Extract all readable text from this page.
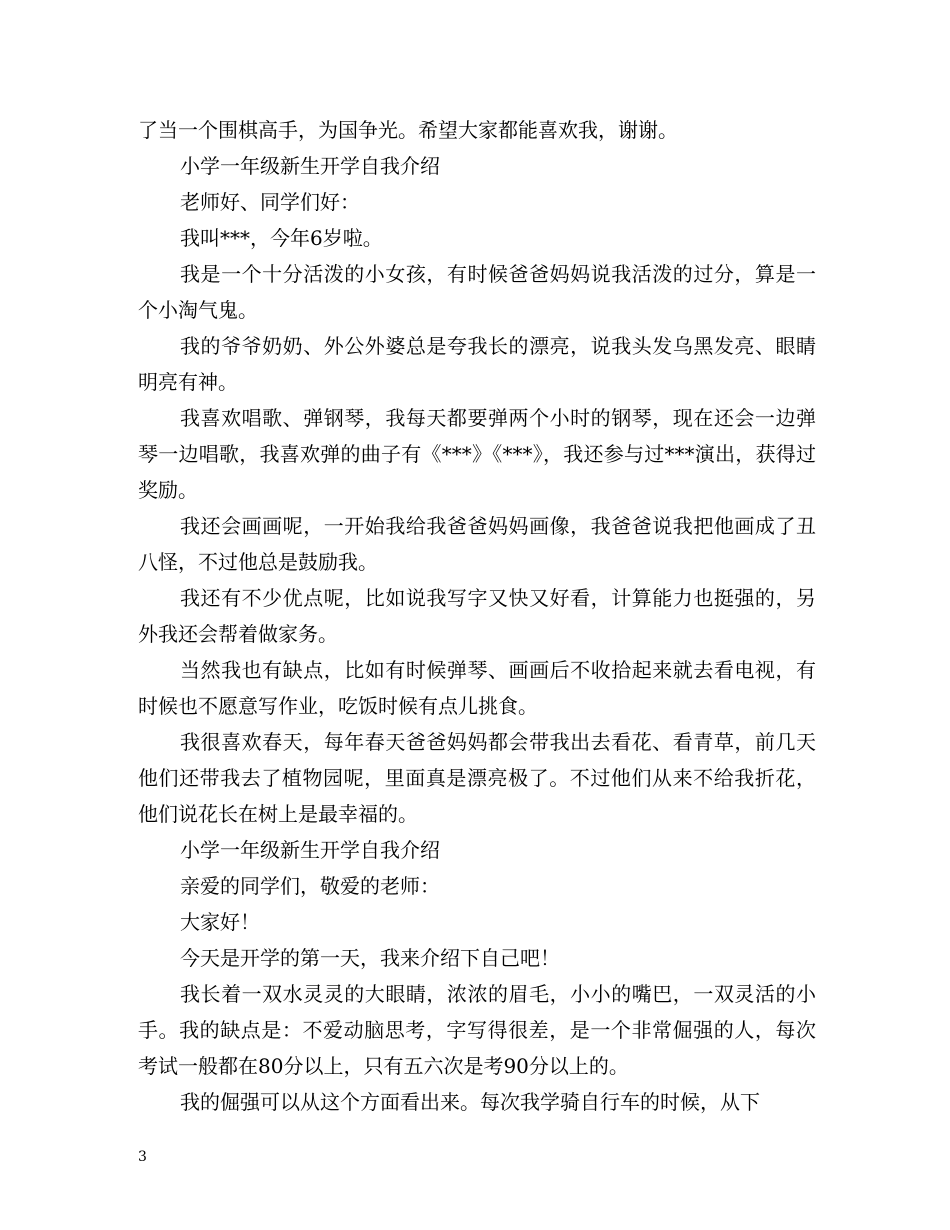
了当一个围棋高手，为国争光。希望大家都能喜欢我，谢谢。

小学一年级新生开学自我介绍

老师好、同学们好：

我叫***，今年6岁啦。

我是一个十分活泼的小女孩，有时候爸爸妈妈说我活泼的过分，算是一个小淘气鬼。

我的爷爷奶奶、外公外婆总是夸我长的漂亮，说我头发乌黑发亮、眼睛明亮有神。

我喜欢唱歌、弹钢琴，我每天都要弹两个小时的钢琴，现在还会一边弹琴一边唱歌，我喜欢弹的曲子有《***》《***》，我还参与过***演出，获得过奖励。

我还会画画呢，一开始我给我爸爸妈妈画像，我爸爸说我把他画成了丑八怪，不过他总是鼓励我。

我还有不少优点呢，比如说我写字又快又好看，计算能力也挺强的，另外我还会帮着做家务。

当然我也有缺点，比如有时候弹琴、画画后不收拾起来就去看电视，有时候也不愿意写作业，吃饭时候有点儿挑食。

我很喜欢春天，每年春天爸爸妈妈都会带我出去看花、看青草，前几天他们还带我去了植物园呢，里面真是漂亮极了。不过他们从来不给我折花，他们说花长在树上是最幸福的。

小学一年级新生开学自我介绍

亲爱的同学们，敬爱的老师：

大家好！

今天是开学的第一天，我来介绍下自己吧！

我长着一双水灵灵的大眼睛，浓浓的眉毛，小小的嘴巴，一双灵活的小手。我的缺点是：不爱动脑思考，字写得很差，是一个非常倔强的人，每次考试一般都在80分以上，只有五六次是考90分以上的。

我的倔强可以从这个方面看出来。每次我学骑自行车的时候，从下

3
